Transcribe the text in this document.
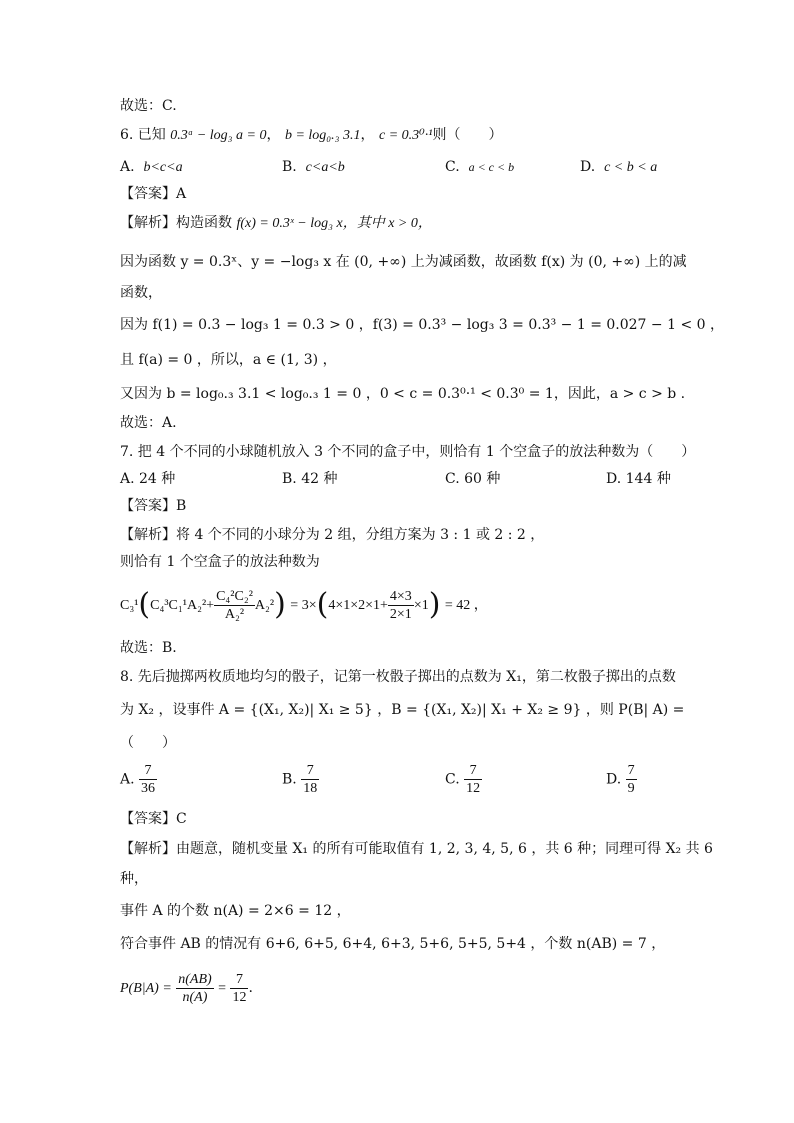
故选：C.
6. 已知 0.3ᵃ − log₃ a = 0， b = log₀.₃ 3.1， c = 0.3⁰·¹则（　　）
A. b<c<a	B. c<a<b	C. a < c < b	D. c < b < a
【答案】A
【解析】构造函数 f(x) = 0.3ˣ − log₃ x，其中 x > 0，
因为函数 y = 0.3ˣ、y = −log₃ x 在 (0, +∞) 上为减函数，故函数 f(x) 为 (0, +∞) 上的减
函数，
因为 f(1) = 0.3 − log₃ 1 = 0.3 > 0 ，f(3) = 0.3³ − log₃ 3 = 0.3³ − 1 = 0.027 − 1 < 0 ，
且 f(a) = 0 ，所以，a ∈ (1, 3) ，
又因为 b = log₀.₃ 3.1 < log₀.₃ 1 = 0 ，0 < c = 0.3⁰·¹ < 0.3⁰ = 1，因此，a > c > b .
故选：A.
7. 把 4 个不同的小球随机放入 3 个不同的盒子中，则恰有 1 个空盒子的放法种数为（　　）
A. 24 种	B. 42 种	C. 60 种	D. 144 种
【答案】B
【解析】将 4 个不同的小球分为 2 组，分组方案为 3 : 1 或 2 : 2 ，
则恰有 1 个空盒子的放法种数为
$C_3^1(C_4^3C_1^1A_2^2+ \frac{\text{C₄²C₂²}}{\text{A₂²}} A_2^2) = 3\times(4\times 1\times 2\times 1+ \frac{4\times 3}{2\times 1} \times 1) = 42$ ，
故选：B.
8. 先后抛掷两枚质地均匀的骰子，记第一枚骰子掷出的点数为 X₁，第二枚骰子掷出的点数
为 X₂ ，设事件 A = {(X₁, X₂)| X₁ ≥ 5} ，B = {(X₁, X₂)| X₁ + X₂ ≥ 9} ，则 P(B| A) =
（　　）
A. $\frac{7}{36}$	B. $\frac{7}{18}$	C. $\frac{7}{12}$	D. $\frac{7}{9}$
【答案】C
【解析】由题意，随机变量 X₁ 的所有可能取值有 1, 2, 3, 4, 5, 6 ，共 6 种；同理可得 X₂ 共 6
种，
事件 A 的个数 n(A) = 2×6 = 12 ，
符合事件 AB 的情况有 6+6, 6+5, 6+4, 6+3, 5+6, 5+5, 5+4 ，个数 n(AB) = 7 ，
$P(B|A) = \frac{n(AB)}{n(A)} = \frac{7}{12}$ .
